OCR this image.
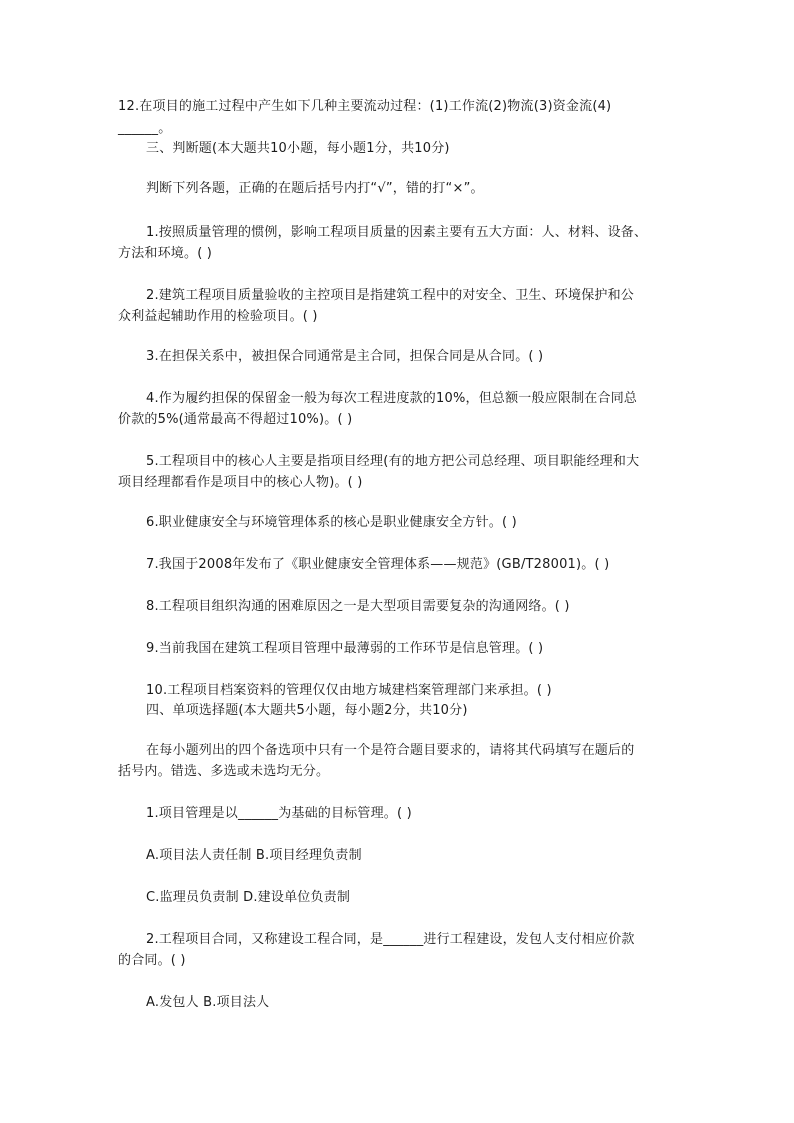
12.在项目的施工过程中产生如下几种主要流动过程：(1)工作流(2)物流(3)资金流(4)
______。
三、判断题(本大题共10小题，每小题1分，共10分)
判断下列各题，正确的在题后括号内打“√”，错的打“×”。
1.按照质量管理的惯例，影响工程项目质量的因素主要有五大方面：人、材料、设备、
方法和环境。( )
2.建筑工程项目质量验收的主控项目是指建筑工程中的对安全、卫生、环境保护和公
众利益起辅助作用的检验项目。( )
3.在担保关系中，被担保合同通常是主合同，担保合同是从合同。( )
4.作为履约担保的保留金一般为每次工程进度款的10%，但总额一般应限制在合同总
价款的5%(通常最高不得超过10%)。( )
5.工程项目中的核心人主要是指项目经理(有的地方把公司总经理、项目职能经理和大
项目经理都看作是项目中的核心人物)。( )
6.职业健康安全与环境管理体系的核心是职业健康安全方针。( )
7.我国于2008年发布了《职业健康安全管理体系——规范》(GB/T28001)。( )
8.工程项目组织沟通的困难原因之一是大型项目需要复杂的沟通网络。( )
9.当前我国在建筑工程项目管理中最薄弱的工作环节是信息管理。( )
10.工程项目档案资料的管理仅仅由地方城建档案管理部门来承担。( )
四、单项选择题(本大题共5小题，每小题2分，共10分)
在每小题列出的四个备选项中只有一个是符合题目要求的，请将其代码填写在题后的
括号内。错选、多选或未选均无分。
1.项目管理是以______为基础的目标管理。( )
A.项目法人责任制 B.项目经理负责制
C.监理员负责制 D.建设单位负责制
2.工程项目合同，又称建设工程合同，是______进行工程建设，发包人支付相应价款
的合同。( )
A.发包人 B.项目法人
